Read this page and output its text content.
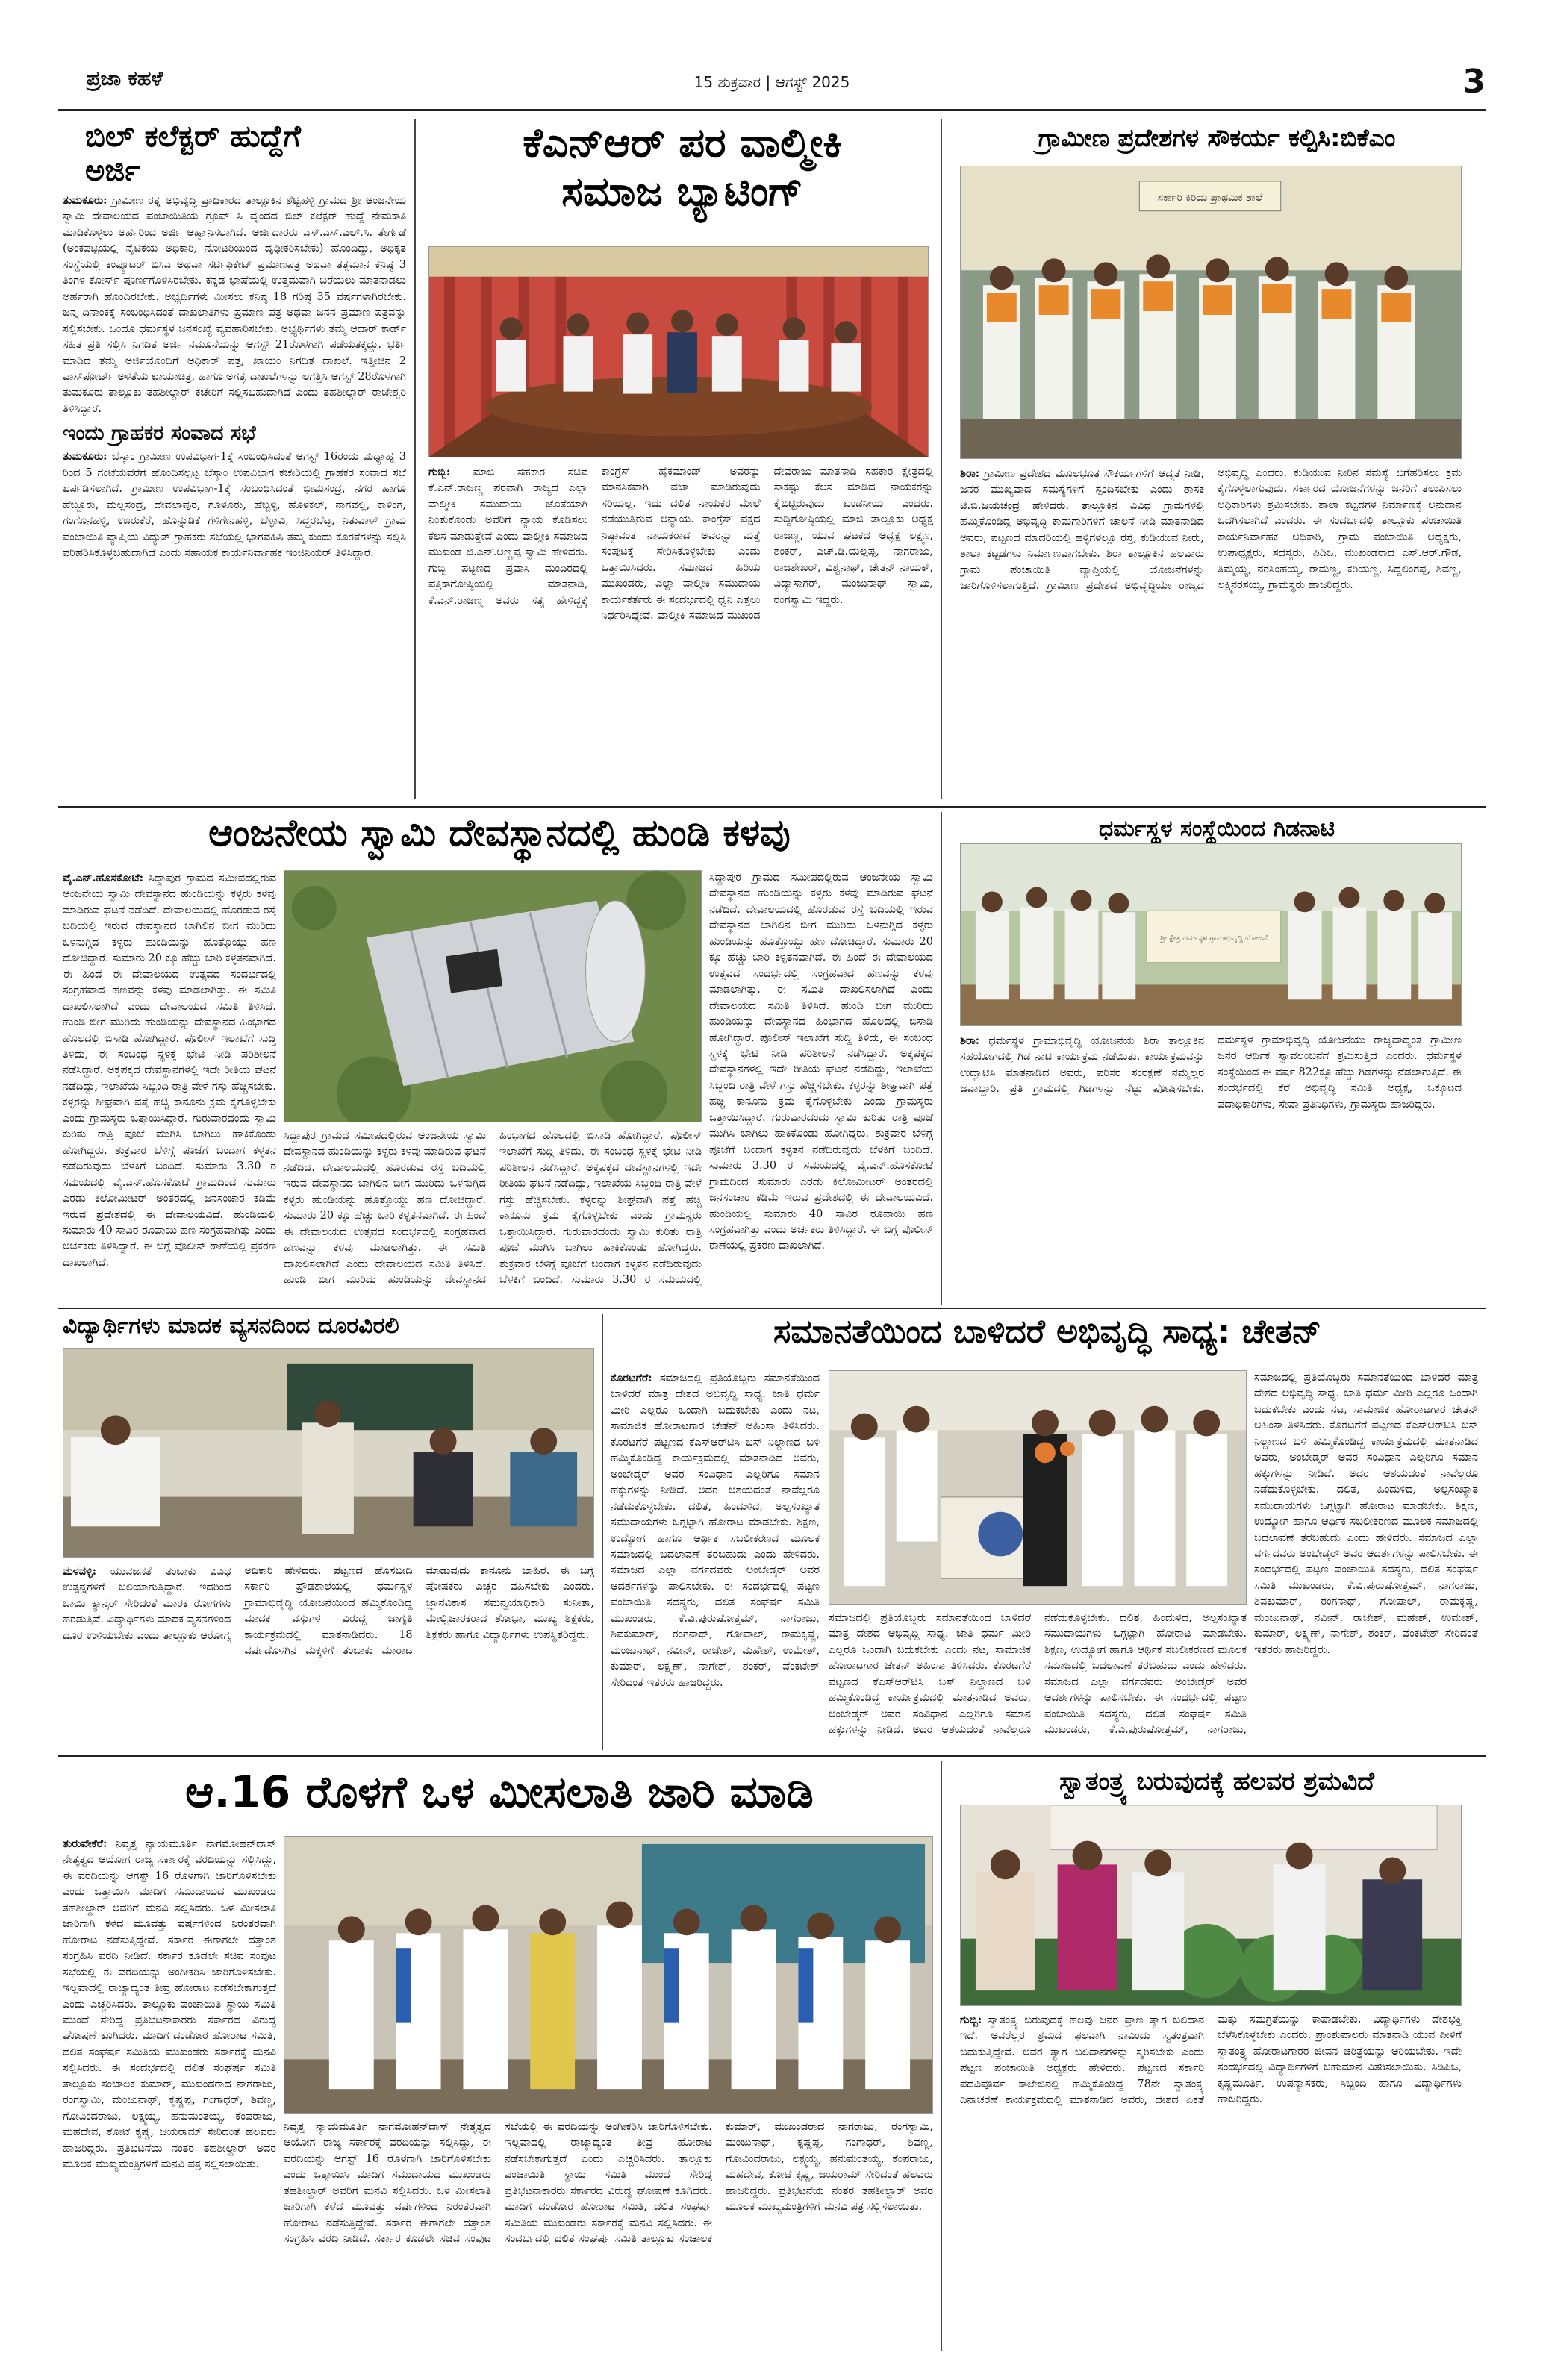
ಪ್ರಜಾ ಕಹಳೆ	15 ಶುಕ್ರವಾರ | ಆಗಸ್ಟ್ 2025	3
ಬಿಲ್ ಕಲೆಕ್ಟರ್ ಹುದ್ದೆಗೆ ಅರ್ಜಿ
ತುಮಕೂರು: ಗ್ರಾಮೀಣ ರತ್ನ ಅಭಿವೃದ್ಧಿ ಪ್ರಾಧಿಕಾರದ ತಾಲ್ಲೂಕಿನ ಶೆಟ್ಟಿಹಳ್ಳಿ ಗ್ರಾಮದ ಶ್ರೀ ಆಂಜನೇಯ ಸ್ವಾಮಿ ದೇವಾಲಯದ ಪಂಚಾಯಿತಿಯ ಗ್ರೂಪ್ ಸಿ ವೃಂದದ ಬಿಲ್ ಕಲೆಕ್ಟರ್ ಹುದ್ದೆ ನೇಮಕಾತಿ ಮಾಡಿಕೊಳ್ಳಲು ಅರ್ಹರಿಂದ ಅರ್ಜಿ ಆಹ್ವಾನಿಸಲಾಗಿದೆ. ಅರ್ಜಿದಾರರು ಎಸ್.ಎಸ್.ಎಲ್.ಸಿ. ತೇರ್ಗಡೆ (ಅಂಕಪಟ್ಟಿಯಲ್ಲಿ ನೈಟಿಕೆಯ ಅಧಿಕಾರಿ, ನೋಟರಿಯಿಂದ ದೃಢೀಕರಿಸಬೇಕು) ಹೊಂದಿದ್ದು, ಅಧಿಕೃತ ಸಂಸ್ಥೆಯಲ್ಲಿ ಕಂಪ್ಯೂಟರ್ ಬಿಸಿಎ ಅಥವಾ ಸರ್ಟಿಫಿಕೇಟ್ ಪ್ರಮಾಣಪತ್ರ ಅಥವಾ ತತ್ಸಮಾನ ಕನಿಷ್ಠ 3 ತಿಂಗಳ ಕೋರ್ಸ್ ಪೂರ್ಣಗೊಳಿಸಿರಬೇಕು. ಕನ್ನಡ ಭಾಷೆಯಲ್ಲಿ ಉತ್ತಮವಾಗಿ ಬರೆಯಲು ಮಾತನಾಡಲು ಅರ್ಹರಾಗಿ ಹೊಂದಿರಬೇಕು. ಅಭ್ಯರ್ಥಿಗಳು ಮೀಸಲು ಕನಿಷ್ಠ 18 ಗರಿಷ್ಠ 35 ವರ್ಷಗಳಾಗಿರಬೇಕು. ಜನ್ಮ ದಿನಾಂಕಕ್ಕೆ ಸಂಬಂಧಿಸಿದಂತೆ ದಾಖಲಾತಿಗಳು ಪ್ರಮಾಣ ಪತ್ರ ಅಥವಾ ಜನನ ಪ್ರಮಾಣ ಪತ್ರವನ್ನು ಸಲ್ಲಿಸಬೇಕು. ಒಂದೂ ಧರ್ಮಸ್ಥಳ ಜನಸಂಖ್ಯೆ ವ್ಯವಹಾರಿಸಬೇಕು. ಅಭ್ಯರ್ಥಿಗಳು ತಮ್ಮ ಆಧಾರ್ ಕಾರ್ಡ್ ಸಹಿತ ಪ್ರತಿ ಸಲ್ಲಿಸಿ ನಿಗದಿತ ಅರ್ಜಿ ನಮೂನೆಯನ್ನು ಆಗಸ್ಟ್ 21ರೊಳಗಾಗಿ ಪಡೆಯತಕ್ಕದ್ದು. ಭರ್ತಿ ಮಾಡಿದ ತಮ್ಮ ಅರ್ಜಿಯೊಂದಿಗೆ ಅಧಿಕಾರ್ ಪತ್ರ, ಖಾಯಂ ನಿಗದಿತ ದಾಖಲೆ. ಇತ್ತೀಚಿನ 2 ಪಾಸ್‌ಪೋರ್ಟ್ ಅಳತೆಯ ಛಾಯಾಚಿತ್ರ, ಹಾಗೂ ಅಗತ್ಯ ದಾಖಲೆಗಳನ್ನು ಲಗತ್ತಿಸಿ ಆಗಸ್ಟ್ 28ರೊಳಗಾಗಿ ತುಮಕೂರು ತಾಲ್ಲೂಕು ತಹಶೀಲ್ದಾರ್ ಕಚೇರಿಗೆ ಸಲ್ಲಿಸಬಹುದಾಗಿದೆ ಎಂದು ತಹಶೀಲ್ದಾರ್ ರಾಜೇಶ್ವರಿ ತಿಳಿಸಿದ್ದಾರೆ.
ಇಂದು ಗ್ರಾಹಕರ ಸಂವಾದ ಸಭೆ
ತುಮಕೂರು: ಬೆಸ್ಕಾಂ ಗ್ರಾಮೀಣ ಉಪವಿಭಾಗ-1ಕ್ಕೆ ಸಂಬಂಧಿಸಿದಂತೆ ಆಗಸ್ಟ್ 16ರಂದು ಮಧ್ಯಾಹ್ನ 3 ರಿಂದ 5 ಗಂಟೆಯವರೆಗೆ ಹೊಂದಿಸಲ್ಪಟ್ಟ ಬೆಸ್ಕಾಂ ಉಪವಿಭಾಗ ಕಚೇರಿಯಲ್ಲಿ ಗ್ರಾಹಕರ ಸಂವಾದ ಸಭೆ ಏರ್ಪಡಿಸಲಾಗಿದೆ. ಗ್ರಾಮೀಣ ಉಪವಿಭಾಗ-1ಕ್ಕೆ ಸಂಬಂಧಿಸಿದಂತೆ ಭೀಮಸಂದ್ರ, ನಗರ ಹಾಗೂ ಹೆಬ್ಬೂರು, ಮಲ್ಲಸಂದ್ರ, ದೇವಲಾಪುರ, ಗೂಳೂರು, ಹೆಬ್ಬಳ್ಳಿ, ಹೊಳಕಲ್, ನಾಗವಲ್ಲಿ, ಕಾಳಿಂಗ, ಗಂಗೊನಹಳ್ಳಿ, ಊರುಕೆರೆ, ಹೊನ್ನುಡಿಕೆ ಗಳಿಗೇನಹಳ್ಳಿ, ಬೆಳ್ಳಾವಿ, ಸಿದ್ದರಬೆಟ್ಟ, ನಿತುವಾಳ್ ಗ್ರಾಮ ಪಂಚಾಯಿತಿ ವ್ಯಾಪ್ತಿಯ ವಿದ್ಯುತ್ ಗ್ರಾಹಕರು ಸಭೆಯಲ್ಲಿ ಭಾಗವಹಿಸಿ ತಮ್ಮ ಕುಂದು ಕೊರತೆಗಳನ್ನು ಸಲ್ಲಿಸಿ ಪರಿಹರಿಸಿಕೊಳ್ಳಬಹುದಾಗಿದೆ ಎಂದು ಸಹಾಯಕ ಕಾರ್ಯನಿರ್ವಾಹಕ ಇಂಜಿನಿಯರ್ ತಿಳಿಸಿದ್ದಾರೆ.
ಕೆಎನ್ಆರ್ ಪರ ವಾಲ್ಮೀಕಿ ಸಮಾಜ ಬ್ಯಾಟಿಂಗ್
ಗುಬ್ಬಿ: ಮಾಜಿ ಸಹಕಾರ ಸಚಿವ ಕೆ.ಎನ್.ರಾಜಣ್ಣ ಪರವಾಗಿ ರಾಜ್ಯದ ಎಲ್ಲಾ ವಾಲ್ಮೀಕಿ ಸಮುದಾಯ ಜೊತೆಯಾಗಿ ನಿಂತುಕೊಂಡು ಅವರಿಗೆ ನ್ಯಾಯ ಕೊಡಿಸಲು ಕೆಲಸ ಮಾಡುತ್ತೇವೆ ಎಂದು ವಾಲ್ಮೀಕಿ ಸಮಾಜದ ಮುಖಂಡ ಜಿ.ಎನ್.ಅಣ್ಣಪ್ಪ ಸ್ವಾಮಿ ಹೇಳಿದರು. ಗುಬ್ಬಿ ಪಟ್ಟಣದ ಪ್ರವಾಸಿ ಮಂದಿರದಲ್ಲಿ ಪತ್ರಿಕಾಗೋಷ್ಠಿಯಲ್ಲಿ ಮಾತನಾಡಿ, ಕೆ.ಎನ್.ರಾಜಣ್ಣ ಅವರು ಸತ್ಯ ಹೇಳಿದ್ದಕ್ಕೆ ಕಾಂಗ್ರೆಸ್ ಹೈಕಮಾಂಡ್ ಅವರನ್ನು ಮಾನಸಿಕವಾಗಿ ವಜಾ ಮಾಡಿರುವುದು ಸರಿಯಲ್ಲ. ಇದು ದಲಿತ ನಾಯಕರ ಮೇಲೆ ನಡೆಯುತ್ತಿರುವ ಅನ್ಯಾಯ. ಕಾಂಗ್ರೆಸ್ ಪಕ್ಷದ ನಿಷ್ಠಾವಂತ ನಾಯಕರಾದ ಅವರನ್ನು ಮತ್ತೆ ಸಂಪುಟಕ್ಕೆ ಸೇರಿಸಿಕೊಳ್ಳಬೇಕು ಎಂದು ಒತ್ತಾಯಿಸಿದರು. ಸಮಾಜದ ಹಿರಿಯ ಮುಖಂಡರು, ಎಲ್ಲಾ ವಾಲ್ಮೀಕಿ ಸಮುದಾಯ ಕಾರ್ಯಕರ್ತರು ಈ ಸಂದರ್ಭದಲ್ಲಿ ಧ್ವನಿ ಎತ್ತಲು ನಿರ್ಧರಿಸಿದ್ದೇವೆ. ವಾಲ್ಮೀಕಿ ಸಮಾಜದ ಮುಖಂಡ ದೇವರಾಜು ಮಾತನಾಡಿ ಸಹಕಾರ ಕ್ಷೇತ್ರದಲ್ಲಿ ಸಾಕಷ್ಟು ಕೆಲಸ ಮಾಡಿದ ನಾಯಕರನ್ನು ಕೈಬಿಟ್ಟಿರುವುದು ಖಂಡನೀಯ ಎಂದರು. ಸುದ್ದಿಗೋಷ್ಠಿಯಲ್ಲಿ ಮಾಜಿ ತಾಲ್ಲೂಕು ಅಧ್ಯಕ್ಷ ರಾಜಣ್ಣ, ಯುವ ಘಟಕದ ಅಧ್ಯಕ್ಷ ಲಕ್ಷ್ಮಣ, ಶಂಕರ್, ಎಚ್.ಡಿ.ಯಲ್ಲಪ್ಪ, ನಾಗರಾಜು, ರಾಜಶೇಖರ್, ವಿಶ್ವನಾಥ್, ಚೇತನ್ ನಾಯಕ್, ವಿದ್ಯಾಸಾಗರ್, ಮಂಜುನಾಥ್ ಸ್ವಾಮಿ, ರಂಗಸ್ವಾಮಿ ಇದ್ದರು.
ಗ್ರಾಮೀಣ ಪ್ರದೇಶಗಳ ಸೌಕರ್ಯ ಕಲ್ಪಿಸಿ:ಬಿಕೆಎಂ
ಸರ್ಕಾರಿ ಕಿರಿಯ ಪ್ರಾಥಮಿಕ ಶಾಲೆ
ಶಿರಾ: ಗ್ರಾಮೀಣ ಪ್ರದೇಶದ ಮೂಲಭೂತ ಸೌಕರ್ಯಗಳಿಗೆ ಆದ್ಯತೆ ನೀಡಿ, ಜನರ ಮುಖ್ಯವಾದ ಸಮಸ್ಯೆಗಳಿಗೆ ಸ್ಪಂದಿಸಬೇಕು ಎಂದು ಶಾಸಕ ಟಿ.ಬಿ.ಜಯಚಂದ್ರ ಹೇಳಿದರು. ತಾಲ್ಲೂಕಿನ ವಿವಿಧ ಗ್ರಾಮಗಳಲ್ಲಿ ಹಮ್ಮಿಕೊಂಡಿದ್ದ ಅಭಿವೃದ್ಧಿ ಕಾಮಗಾರಿಗಳಿಗೆ ಚಾಲನೆ ನೀಡಿ ಮಾತನಾಡಿದ ಅವರು, ಪಟ್ಟಣದ ಮಾದರಿಯಲ್ಲಿ ಹಳ್ಳಿಗಳಲ್ಲೂ ರಸ್ತೆ, ಕುಡಿಯುವ ನೀರು, ಶಾಲಾ ಕಟ್ಟಡಗಳು ನಿರ್ಮಾಣವಾಗಬೇಕು. ಶಿರಾ ತಾಲ್ಲೂಕಿನ ಹಲವಾರು ಗ್ರಾಮ ಪಂಚಾಯಿತಿ ವ್ಯಾಪ್ತಿಯಲ್ಲಿ ಯೋಜನೆಗಳನ್ನು ಜಾರಿಗೊಳಿಸಲಾಗುತ್ತಿದೆ. ಗ್ರಾಮೀಣ ಪ್ರದೇಶದ ಅಭಿವೃದ್ಧಿಯೇ ರಾಜ್ಯದ ಅಭಿವೃದ್ಧಿ ಎಂದರು. ಕುಡಿಯುವ ನೀರಿನ ಸಮಸ್ಯೆ ಬಗೆಹರಿಸಲು ಕ್ರಮ ಕೈಗೊಳ್ಳಲಾಗುವುದು. ಸರ್ಕಾರದ ಯೋಜನೆಗಳನ್ನು ಜನರಿಗೆ ತಲುಪಿಸಲು ಅಧಿಕಾರಿಗಳು ಶ್ರಮಿಸಬೇಕು. ಶಾಲಾ ಕಟ್ಟಡಗಳ ನಿರ್ಮಾಣಕ್ಕೆ ಅನುದಾನ ಒದಗಿಸಲಾಗಿದೆ ಎಂದರು. ಈ ಸಂದರ್ಭದಲ್ಲಿ ತಾಲ್ಲೂಕು ಪಂಚಾಯಿತಿ ಕಾರ್ಯನಿರ್ವಾಹಕ ಅಧಿಕಾರಿ, ಗ್ರಾಮ ಪಂಚಾಯಿತಿ ಅಧ್ಯಕ್ಷರು, ಉಪಾಧ್ಯಕ್ಷರು, ಸದಸ್ಯರು, ಪಿಡಿಒ, ಮುಖಂಡರಾದ ಎಸ್.ಆರ್.ಗೌಡ, ತಿಮ್ಮಯ್ಯ, ನರಸಿಂಹಯ್ಯ, ರಾಮಣ್ಣ, ಕರಿಯಣ್ಣ, ಸಿದ್ದಲಿಂಗಪ್ಪ, ಶಿವಣ್ಣ, ಲಕ್ಷ್ಮಿನರಸಯ್ಯ, ಗ್ರಾಮಸ್ಥರು ಹಾಜರಿದ್ದರು.
ಆಂಜನೇಯ ಸ್ವಾಮಿ ದೇವಸ್ಥಾನದಲ್ಲಿ ಹುಂಡಿ ಕಳವು
ವೈ.ಎನ್.ಹೊಸಕೋಟೆ: ಸಿದ್ದಾಪುರ ಗ್ರಾಮದ ಸಮೀಪದಲ್ಲಿರುವ ಆಂಜನೇಯ ಸ್ವಾಮಿ ದೇವಸ್ಥಾನದ ಹುಂಡಿಯನ್ನು ಕಳ್ಳರು ಕಳವು ಮಾಡಿರುವ ಘಟನೆ ನಡೆದಿದೆ. ದೇವಾಲಯದಲ್ಲಿ ಹೊರಡುವ ರಸ್ತೆ ಬದಿಯಲ್ಲಿ ಇರುವ ದೇವಸ್ಥಾನದ ಬಾಗಿಲಿನ ಬೀಗ ಮುರಿದು ಒಳನುಗ್ಗಿದ ಕಳ್ಳರು ಹುಂಡಿಯನ್ನು ಹೊತ್ತೊಯ್ದು ಹಣ ದೋಚಿದ್ದಾರೆ. ಸುಮಾರು 20 ಕ್ಕೂ ಹೆಚ್ಚು ಬಾರಿ ಕಳ್ಳತನವಾಗಿದೆ. ಈ ಹಿಂದೆ ಈ ದೇವಾಲಯದ ಉತ್ಸವದ ಸಂದರ್ಭದಲ್ಲಿ ಸಂಗ್ರಹವಾದ ಹಣವನ್ನು ಕಳವು ಮಾಡಲಾಗಿತ್ತು. ಈ ಸಮಿತಿ ದಾಖಲಿಸಲಾಗಿದೆ ಎಂದು ದೇವಾಲಯದ ಸಮಿತಿ ತಿಳಿಸಿದೆ. ಹುಂಡಿ ಬೀಗ ಮುರಿದು ಹುಂಡಿಯನ್ನು ದೇವಸ್ಥಾನದ ಹಿಂಭಾಗದ ಹೊಲದಲ್ಲಿ ಬಿಸಾಡಿ ಹೋಗಿದ್ದಾರೆ. ಪೊಲೀಸ್ ಇಲಾಖೆಗೆ ಸುದ್ದಿ ತಿಳಿದು, ಈ ಸಂಬಂಧ ಸ್ಥಳಕ್ಕೆ ಭೇಟಿ ನೀಡಿ ಪರಿಶೀಲನೆ ನಡೆಸಿದ್ದಾರೆ. ಅಕ್ಕಪಕ್ಕದ ದೇವಸ್ಥಾನಗಳಲ್ಲಿ ಇದೇ ರೀತಿಯ ಘಟನೆ ನಡೆದಿದ್ದು, ಇಲಾಖೆಯ ಸಿಬ್ಬಂದಿ ರಾತ್ರಿ ವೇಳೆ ಗಸ್ತು ಹೆಚ್ಚಿಸಬೇಕು. ಕಳ್ಳರನ್ನು ಶೀಘ್ರವಾಗಿ ಪತ್ತೆ ಹಚ್ಚಿ ಕಾನೂನು ಕ್ರಮ ಕೈಗೊಳ್ಳಬೇಕು ಎಂದು ಗ್ರಾಮಸ್ಥರು ಒತ್ತಾಯಿಸಿದ್ದಾರೆ. ಗುರುವಾರದಂದು ಸ್ವಾಮಿ ಕುರಿತು ರಾತ್ರಿ ಪೂಜೆ ಮುಗಿಸಿ ಬಾಗಿಲು ಹಾಕಿಕೊಂಡು ಹೋಗಿದ್ದರು. ಶುಕ್ರವಾರ ಬೆಳಿಗ್ಗೆ ಪೂಜೆಗೆ ಬಂದಾಗ ಕಳ್ಳತನ ನಡೆದಿರುವುದು ಬೆಳಕಿಗೆ ಬಂದಿದೆ. ಸುಮಾರು 3.30 ರ ಸಮಯದಲ್ಲಿ ವೈ.ಎನ್.ಹೊಸಕೋಟೆ ಗ್ರಾಮದಿಂದ ಸುಮಾರು ಎರಡು ಕಿಲೋಮೀಟರ್ ಅಂತರದಲ್ಲಿ ಜನಸಂಚಾರ ಕಡಿಮೆ ಇರುವ ಪ್ರದೇಶದಲ್ಲಿ ಈ ದೇವಾಲಯವಿದೆ. ಹುಂಡಿಯಲ್ಲಿ ಸುಮಾರು 40 ಸಾವಿರ ರೂಪಾಯಿ ಹಣ ಸಂಗ್ರಹವಾಗಿತ್ತು ಎಂದು ಅರ್ಚಕರು ತಿಳಿಸಿದ್ದಾರೆ. ಈ ಬಗ್ಗೆ ಪೊಲೀಸ್ ಠಾಣೆಯಲ್ಲಿ ಪ್ರಕರಣ ದಾಖಲಾಗಿದೆ.
ಸಿದ್ದಾಪುರ ಗ್ರಾಮದ ಸಮೀಪದಲ್ಲಿರುವ ಆಂಜನೇಯ ಸ್ವಾಮಿ ದೇವಸ್ಥಾನದ ಹುಂಡಿಯನ್ನು ಕಳ್ಳರು ಕಳವು ಮಾಡಿರುವ ಘಟನೆ ನಡೆದಿದೆ. ದೇವಾಲಯದಲ್ಲಿ ಹೊರಡುವ ರಸ್ತೆ ಬದಿಯಲ್ಲಿ ಇರುವ ದೇವಸ್ಥಾನದ ಬಾಗಿಲಿನ ಬೀಗ ಮುರಿದು ಒಳನುಗ್ಗಿದ ಕಳ್ಳರು ಹುಂಡಿಯನ್ನು ಹೊತ್ತೊಯ್ದು ಹಣ ದೋಚಿದ್ದಾರೆ. ಸುಮಾರು 20 ಕ್ಕೂ ಹೆಚ್ಚು ಬಾರಿ ಕಳ್ಳತನವಾಗಿದೆ. ಈ ಹಿಂದೆ ಈ ದೇವಾಲಯದ ಉತ್ಸವದ ಸಂದರ್ಭದಲ್ಲಿ ಸಂಗ್ರಹವಾದ ಹಣವನ್ನು ಕಳವು ಮಾಡಲಾಗಿತ್ತು. ಈ ಸಮಿತಿ ದಾಖಲಿಸಲಾಗಿದೆ ಎಂದು ದೇವಾಲಯದ ಸಮಿತಿ ತಿಳಿಸಿದೆ. ಹುಂಡಿ ಬೀಗ ಮುರಿದು ಹುಂಡಿಯನ್ನು ದೇವಸ್ಥಾನದ ಹಿಂಭಾಗದ ಹೊಲದಲ್ಲಿ ಬಿಸಾಡಿ ಹೋಗಿದ್ದಾರೆ. ಪೊಲೀಸ್ ಇಲಾಖೆಗೆ ಸುದ್ದಿ ತಿಳಿದು, ಈ ಸಂಬಂಧ ಸ್ಥಳಕ್ಕೆ ಭೇಟಿ ನೀಡಿ ಪರಿಶೀಲನೆ ನಡೆಸಿದ್ದಾರೆ. ಅಕ್ಕಪಕ್ಕದ ದೇವಸ್ಥಾನಗಳಲ್ಲಿ ಇದೇ ರೀತಿಯ ಘಟನೆ ನಡೆದಿದ್ದು, ಇಲಾಖೆಯ ಸಿಬ್ಬಂದಿ ರಾತ್ರಿ ವೇಳೆ ಗಸ್ತು ಹೆಚ್ಚಿಸಬೇಕು. ಕಳ್ಳರನ್ನು ಶೀಘ್ರವಾಗಿ ಪತ್ತೆ ಹಚ್ಚಿ ಕಾನೂನು ಕ್ರಮ ಕೈಗೊಳ್ಳಬೇಕು ಎಂದು ಗ್ರಾಮಸ್ಥರು ಒತ್ತಾಯಿಸಿದ್ದಾರೆ. ಗುರುವಾರದಂದು ಸ್ವಾಮಿ ಕುರಿತು ರಾತ್ರಿ ಪೂಜೆ ಮುಗಿಸಿ ಬಾಗಿಲು ಹಾಕಿಕೊಂಡು ಹೋಗಿದ್ದರು. ಶುಕ್ರವಾರ ಬೆಳಿಗ್ಗೆ ಪೂಜೆಗೆ ಬಂದಾಗ ಕಳ್ಳತನ ನಡೆದಿರುವುದು ಬೆಳಕಿಗೆ ಬಂದಿದೆ. ಸುಮಾರು 3.30 ರ ಸಮಯದಲ್ಲಿ
ಸಿದ್ದಾಪುರ ಗ್ರಾಮದ ಸಮೀಪದಲ್ಲಿರುವ ಆಂಜನೇಯ ಸ್ವಾಮಿ ದೇವಸ್ಥಾನದ ಹುಂಡಿಯನ್ನು ಕಳ್ಳರು ಕಳವು ಮಾಡಿರುವ ಘಟನೆ ನಡೆದಿದೆ. ದೇವಾಲಯದಲ್ಲಿ ಹೊರಡುವ ರಸ್ತೆ ಬದಿಯಲ್ಲಿ ಇರುವ ದೇವಸ್ಥಾನದ ಬಾಗಿಲಿನ ಬೀಗ ಮುರಿದು ಒಳನುಗ್ಗಿದ ಕಳ್ಳರು ಹುಂಡಿಯನ್ನು ಹೊತ್ತೊಯ್ದು ಹಣ ದೋಚಿದ್ದಾರೆ. ಸುಮಾರು 20 ಕ್ಕೂ ಹೆಚ್ಚು ಬಾರಿ ಕಳ್ಳತನವಾಗಿದೆ. ಈ ಹಿಂದೆ ಈ ದೇವಾಲಯದ ಉತ್ಸವದ ಸಂದರ್ಭದಲ್ಲಿ ಸಂಗ್ರಹವಾದ ಹಣವನ್ನು ಕಳವು ಮಾಡಲಾಗಿತ್ತು. ಈ ಸಮಿತಿ ದಾಖಲಿಸಲಾಗಿದೆ ಎಂದು ದೇವಾಲಯದ ಸಮಿತಿ ತಿಳಿಸಿದೆ. ಹುಂಡಿ ಬೀಗ ಮುರಿದು ಹುಂಡಿಯನ್ನು ದೇವಸ್ಥಾನದ ಹಿಂಭಾಗದ ಹೊಲದಲ್ಲಿ ಬಿಸಾಡಿ ಹೋಗಿದ್ದಾರೆ. ಪೊಲೀಸ್ ಇಲಾಖೆಗೆ ಸುದ್ದಿ ತಿಳಿದು, ಈ ಸಂಬಂಧ ಸ್ಥಳಕ್ಕೆ ಭೇಟಿ ನೀಡಿ ಪರಿಶೀಲನೆ ನಡೆಸಿದ್ದಾರೆ. ಅಕ್ಕಪಕ್ಕದ ದೇವಸ್ಥಾನಗಳಲ್ಲಿ ಇದೇ ರೀತಿಯ ಘಟನೆ ನಡೆದಿದ್ದು, ಇಲಾಖೆಯ ಸಿಬ್ಬಂದಿ ರಾತ್ರಿ ವೇಳೆ ಗಸ್ತು ಹೆಚ್ಚಿಸಬೇಕು. ಕಳ್ಳರನ್ನು ಶೀಘ್ರವಾಗಿ ಪತ್ತೆ ಹಚ್ಚಿ ಕಾನೂನು ಕ್ರಮ ಕೈಗೊಳ್ಳಬೇಕು ಎಂದು ಗ್ರಾಮಸ್ಥರು ಒತ್ತಾಯಿಸಿದ್ದಾರೆ. ಗುರುವಾರದಂದು ಸ್ವಾಮಿ ಕುರಿತು ರಾತ್ರಿ ಪೂಜೆ ಮುಗಿಸಿ ಬಾಗಿಲು ಹಾಕಿಕೊಂಡು ಹೋಗಿದ್ದರು. ಶುಕ್ರವಾರ ಬೆಳಿಗ್ಗೆ ಪೂಜೆಗೆ ಬಂದಾಗ ಕಳ್ಳತನ ನಡೆದಿರುವುದು ಬೆಳಕಿಗೆ ಬಂದಿದೆ. ಸುಮಾರು 3.30 ರ ಸಮಯದಲ್ಲಿ ವೈ.ಎನ್.ಹೊಸಕೋಟೆ ಗ್ರಾಮದಿಂದ ಸುಮಾರು ಎರಡು ಕಿಲೋಮೀಟರ್ ಅಂತರದಲ್ಲಿ ಜನಸಂಚಾರ ಕಡಿಮೆ ಇರುವ ಪ್ರದೇಶದಲ್ಲಿ ಈ ದೇವಾಲಯವಿದೆ. ಹುಂಡಿಯಲ್ಲಿ ಸುಮಾರು 40 ಸಾವಿರ ರೂಪಾಯಿ ಹಣ ಸಂಗ್ರಹವಾಗಿತ್ತು ಎಂದು ಅರ್ಚಕರು ತಿಳಿಸಿದ್ದಾರೆ. ಈ ಬಗ್ಗೆ ಪೊಲೀಸ್ ಠಾಣೆಯಲ್ಲಿ ಪ್ರಕರಣ ದಾಖಲಾಗಿದೆ.
ಧರ್ಮಸ್ಥಳ ಸಂಸ್ಥೆಯಿಂದ ಗಿಡನಾಟಿ
ಶ್ರೀ ಕ್ಷೇತ್ರ ಧರ್ಮಸ್ಥಳ ಗ್ರಾಮಾಭಿವೃದ್ಧಿ ಯೋಜನೆ
ಶಿರಾ: ಧರ್ಮಸ್ಥಳ ಗ್ರಾಮಾಭಿವೃದ್ಧಿ ಯೋಜನೆಯ ಶಿರಾ ತಾಲ್ಲೂಕಿನ ಸಹಯೋಗದಲ್ಲಿ ಗಿಡ ನಾಟಿ ಕಾರ್ಯಕ್ರಮ ನಡೆಯಿತು. ಕಾರ್ಯಕ್ರಮವನ್ನು ಉದ್ಘಾಟಿಸಿ ಮಾತನಾಡಿದ ಅವರು, ಪರಿಸರ ಸಂರಕ್ಷಣೆ ನಮ್ಮೆಲ್ಲರ ಜವಾಬ್ದಾರಿ. ಪ್ರತಿ ಗ್ರಾಮದಲ್ಲಿ ಗಿಡಗಳನ್ನು ನೆಟ್ಟು ಪೋಷಿಸಬೇಕು. ಧರ್ಮಸ್ಥಳ ಗ್ರಾಮಾಭಿವೃದ್ಧಿ ಯೋಜನೆಯು ರಾಜ್ಯದಾದ್ಯಂತ ಗ್ರಾಮೀಣ ಜನರ ಆರ್ಥಿಕ ಸ್ವಾವಲಂಬನೆಗೆ ಶ್ರಮಿಸುತ್ತಿದೆ ಎಂದರು. ಧರ್ಮಸ್ಥಳ ಸಂಸ್ಥೆಯಿಂದ ಈ ವರ್ಷ 822ಕ್ಕೂ ಹೆಚ್ಚು ಗಿಡಗಳನ್ನು ನೆಡಲಾಗುತ್ತಿದೆ. ಈ ಸಂದರ್ಭದಲ್ಲಿ ಕೆರೆ ಅಭಿವೃದ್ಧಿ ಸಮಿತಿ ಅಧ್ಯಕ್ಷ, ಒಕ್ಕೂಟದ ಪದಾಧಿಕಾರಿಗಳು, ಸೇವಾ ಪ್ರತಿನಿಧಿಗಳು, ಗ್ರಾಮಸ್ಥರು ಹಾಜರಿದ್ದರು.
ವಿದ್ಯಾರ್ಥಿಗಳು ಮಾದಕ ವ್ಯಸನದಿಂದ ದೂರವಿರಲಿ
ಮಳವಳ್ಳಿ: ಯುವಜನತೆ ತಂಬಾಕು ವಿವಿಧ ಉತ್ಪನ್ನಗಳಿಗೆ ಬಲಿಯಾಗುತ್ತಿದ್ದಾರೆ. ಇದರಿಂದ ಬಾಯಿ ಕ್ಯಾನ್ಸರ್ ಸೇರಿದಂತೆ ಮಾರಕ ರೋಗಗಳು ಹರಡುತ್ತಿವೆ. ವಿದ್ಯಾರ್ಥಿಗಳು ಮಾದಕ ವ್ಯಸನಗಳಿಂದ ದೂರ ಉಳಿಯಬೇಕು ಎಂದು ತಾಲ್ಲೂಕು ಆರೋಗ್ಯ ಅಧಿಕಾರಿ ಹೇಳಿದರು. ಪಟ್ಟಣದ ಹೊಸಬೀದಿ ಸರ್ಕಾರಿ ಪ್ರೌಢಶಾಲೆಯಲ್ಲಿ ಧರ್ಮಸ್ಥಳ ಗ್ರಾಮಾಭಿವೃದ್ಧಿ ಯೋಜನೆಯಿಂದ ಹಮ್ಮಿಕೊಂಡಿದ್ದ ಮಾದಕ ವಸ್ತುಗಳ ವಿರುದ್ಧ ಜಾಗೃತಿ ಕಾರ್ಯಕ್ರಮದಲ್ಲಿ ಮಾತನಾಡಿದರು. 18 ವರ್ಷದೊಳಗಿನ ಮಕ್ಕಳಿಗೆ ತಂಬಾಕು ಮಾರಾಟ ಮಾಡುವುದು ಕಾನೂನು ಬಾಹಿರ. ಈ ಬಗ್ಗೆ ಪೋಷಕರು ಎಚ್ಚರ ವಹಿಸಬೇಕು ಎಂದರು. ಜ್ಞಾನವಿಕಾಸ ಸಮನ್ವಯಾಧಿಕಾರಿ ಸುನೀತಾ, ಮೇಲ್ವಿಚಾರಕರಾದ ಶೋಭಾ, ಮುಖ್ಯ ಶಿಕ್ಷಕರು, ಶಿಕ್ಷಕರು ಹಾಗೂ ವಿದ್ಯಾರ್ಥಿಗಳು ಉಪಸ್ಥಿತರಿದ್ದರು.
ಸಮಾನತೆಯಿಂದ ಬಾಳಿದರೆ ಅಭಿವೃದ್ಧಿ ಸಾಧ್ಯ: ಚೇತನ್
ಕೊರಟಗೆರೆ: ಸಮಾಜದಲ್ಲಿ ಪ್ರತಿಯೊಬ್ಬರು ಸಮಾನತೆಯಿಂದ ಬಾಳಿದರೆ ಮಾತ್ರ ದೇಶದ ಅಭಿವೃದ್ಧಿ ಸಾಧ್ಯ. ಜಾತಿ ಧರ್ಮ ಮೀರಿ ಎಲ್ಲರೂ ಒಂದಾಗಿ ಬದುಕಬೇಕು ಎಂದು ನಟ, ಸಾಮಾಜಿಕ ಹೋರಾಟಗಾರ ಚೇತನ್ ಅಹಿಂಸಾ ತಿಳಿಸಿದರು. ಕೊರಟಗೆರೆ ಪಟ್ಟಣದ ಕೆಎಸ್ಆರ್‌ಟಿಸಿ ಬಸ್ ನಿಲ್ದಾಣದ ಬಳಿ ಹಮ್ಮಿಕೊಂಡಿದ್ದ ಕಾರ್ಯಕ್ರಮದಲ್ಲಿ ಮಾತನಾಡಿದ ಅವರು, ಅಂಬೇಡ್ಕರ್ ಅವರ ಸಂವಿಧಾನ ಎಲ್ಲರಿಗೂ ಸಮಾನ ಹಕ್ಕುಗಳನ್ನು ನೀಡಿದೆ. ಅದರ ಆಶಯದಂತೆ ನಾವೆಲ್ಲರೂ ನಡೆದುಕೊಳ್ಳಬೇಕು. ದಲಿತ, ಹಿಂದುಳಿದ, ಅಲ್ಪಸಂಖ್ಯಾತ ಸಮುದಾಯಗಳು ಒಗ್ಗಟ್ಟಾಗಿ ಹೋರಾಟ ಮಾಡಬೇಕು. ಶಿಕ್ಷಣ, ಉದ್ಯೋಗ ಹಾಗೂ ಆರ್ಥಿಕ ಸಬಲೀಕರಣದ ಮೂಲಕ ಸಮಾಜದಲ್ಲಿ ಬದಲಾವಣೆ ತರಬಹುದು ಎಂದು ಹೇಳಿದರು. ಸಮಾಜದ ಎಲ್ಲಾ ವರ್ಗದವರು ಅಂಬೇಡ್ಕರ್ ಅವರ ಆದರ್ಶಗಳನ್ನು ಪಾಲಿಸಬೇಕು. ಈ ಸಂದರ್ಭದಲ್ಲಿ ಪಟ್ಟಣ ಪಂಚಾಯಿತಿ ಸದಸ್ಯರು, ದಲಿತ ಸಂಘರ್ಷ ಸಮಿತಿ ಮುಖಂಡರು, ಕೆ.ವಿ.ಪುರುಷೋತ್ತಮ್, ನಾಗರಾಜು, ಶಿವಕುಮಾರ್, ರಂಗನಾಥ್, ಗೋಪಾಲ್, ರಾಮಕೃಷ್ಣ, ಮಂಜುನಾಥ್, ನವೀನ್, ರಾಜೇಶ್, ಮಹೇಶ್, ಉಮೇಶ್, ಕುಮಾರ್, ಲಕ್ಷ್ಮಣ್, ನಾಗೇಶ್, ಶಂಕರ್, ವೆಂಕಟೇಶ್ ಸೇರಿದಂತೆ ಇತರರು ಹಾಜರಿದ್ದರು.
ಸಮಾಜದಲ್ಲಿ ಪ್ರತಿಯೊಬ್ಬರು ಸಮಾನತೆಯಿಂದ ಬಾಳಿದರೆ ಮಾತ್ರ ದೇಶದ ಅಭಿವೃದ್ಧಿ ಸಾಧ್ಯ. ಜಾತಿ ಧರ್ಮ ಮೀರಿ ಎಲ್ಲರೂ ಒಂದಾಗಿ ಬದುಕಬೇಕು ಎಂದು ನಟ, ಸಾಮಾಜಿಕ ಹೋರಾಟಗಾರ ಚೇತನ್ ಅಹಿಂಸಾ ತಿಳಿಸಿದರು. ಕೊರಟಗೆರೆ ಪಟ್ಟಣದ ಕೆಎಸ್ಆರ್‌ಟಿಸಿ ಬಸ್ ನಿಲ್ದಾಣದ ಬಳಿ ಹಮ್ಮಿಕೊಂಡಿದ್ದ ಕಾರ್ಯಕ್ರಮದಲ್ಲಿ ಮಾತನಾಡಿದ ಅವರು, ಅಂಬೇಡ್ಕರ್ ಅವರ ಸಂವಿಧಾನ ಎಲ್ಲರಿಗೂ ಸಮಾನ ಹಕ್ಕುಗಳನ್ನು ನೀಡಿದೆ. ಅದರ ಆಶಯದಂತೆ ನಾವೆಲ್ಲರೂ ನಡೆದುಕೊಳ್ಳಬೇಕು. ದಲಿತ, ಹಿಂದುಳಿದ, ಅಲ್ಪಸಂಖ್ಯಾತ ಸಮುದಾಯಗಳು ಒಗ್ಗಟ್ಟಾಗಿ ಹೋರಾಟ ಮಾಡಬೇಕು. ಶಿಕ್ಷಣ, ಉದ್ಯೋಗ ಹಾಗೂ ಆರ್ಥಿಕ ಸಬಲೀಕರಣದ ಮೂಲಕ ಸಮಾಜದಲ್ಲಿ ಬದಲಾವಣೆ ತರಬಹುದು ಎಂದು ಹೇಳಿದರು. ಸಮಾಜದ ಎಲ್ಲಾ ವರ್ಗದವರು ಅಂಬೇಡ್ಕರ್ ಅವರ ಆದರ್ಶಗಳನ್ನು ಪಾಲಿಸಬೇಕು. ಈ ಸಂದರ್ಭದಲ್ಲಿ ಪಟ್ಟಣ ಪಂಚಾಯಿತಿ ಸದಸ್ಯರು, ದಲಿತ ಸಂಘರ್ಷ ಸಮಿತಿ ಮುಖಂಡರು, ಕೆ.ವಿ.ಪುರುಷೋತ್ತಮ್, ನಾಗರಾಜು,
ಸಮಾಜದಲ್ಲಿ ಪ್ರತಿಯೊಬ್ಬರು ಸಮಾನತೆಯಿಂದ ಬಾಳಿದರೆ ಮಾತ್ರ ದೇಶದ ಅಭಿವೃದ್ಧಿ ಸಾಧ್ಯ. ಜಾತಿ ಧರ್ಮ ಮೀರಿ ಎಲ್ಲರೂ ಒಂದಾಗಿ ಬದುಕಬೇಕು ಎಂದು ನಟ, ಸಾಮಾಜಿಕ ಹೋರಾಟಗಾರ ಚೇತನ್ ಅಹಿಂಸಾ ತಿಳಿಸಿದರು. ಕೊರಟಗೆರೆ ಪಟ್ಟಣದ ಕೆಎಸ್ಆರ್‌ಟಿಸಿ ಬಸ್ ನಿಲ್ದಾಣದ ಬಳಿ ಹಮ್ಮಿಕೊಂಡಿದ್ದ ಕಾರ್ಯಕ್ರಮದಲ್ಲಿ ಮಾತನಾಡಿದ ಅವರು, ಅಂಬೇಡ್ಕರ್ ಅವರ ಸಂವಿಧಾನ ಎಲ್ಲರಿಗೂ ಸಮಾನ ಹಕ್ಕುಗಳನ್ನು ನೀಡಿದೆ. ಅದರ ಆಶಯದಂತೆ ನಾವೆಲ್ಲರೂ ನಡೆದುಕೊಳ್ಳಬೇಕು. ದಲಿತ, ಹಿಂದುಳಿದ, ಅಲ್ಪಸಂಖ್ಯಾತ ಸಮುದಾಯಗಳು ಒಗ್ಗಟ್ಟಾಗಿ ಹೋರಾಟ ಮಾಡಬೇಕು. ಶಿಕ್ಷಣ, ಉದ್ಯೋಗ ಹಾಗೂ ಆರ್ಥಿಕ ಸಬಲೀಕರಣದ ಮೂಲಕ ಸಮಾಜದಲ್ಲಿ ಬದಲಾವಣೆ ತರಬಹುದು ಎಂದು ಹೇಳಿದರು. ಸಮಾಜದ ಎಲ್ಲಾ ವರ್ಗದವರು ಅಂಬೇಡ್ಕರ್ ಅವರ ಆದರ್ಶಗಳನ್ನು ಪಾಲಿಸಬೇಕು. ಈ ಸಂದರ್ಭದಲ್ಲಿ ಪಟ್ಟಣ ಪಂಚಾಯಿತಿ ಸದಸ್ಯರು, ದಲಿತ ಸಂಘರ್ಷ ಸಮಿತಿ ಮುಖಂಡರು, ಕೆ.ವಿ.ಪುರುಷೋತ್ತಮ್, ನಾಗರಾಜು, ಶಿವಕುಮಾರ್, ರಂಗನಾಥ್, ಗೋಪಾಲ್, ರಾಮಕೃಷ್ಣ, ಮಂಜುನಾಥ್, ನವೀನ್, ರಾಜೇಶ್, ಮಹೇಶ್, ಉಮೇಶ್, ಕುಮಾರ್, ಲಕ್ಷ್ಮಣ್, ನಾಗೇಶ್, ಶಂಕರ್, ವೆಂಕಟೇಶ್ ಸೇರಿದಂತೆ ಇತರರು ಹಾಜರಿದ್ದರು.
ಆ.16 ರೊಳಗೆ ಒಳ ಮೀಸಲಾತಿ ಜಾರಿ ಮಾಡಿ
ತುರುವೇಕೆರೆ: ನಿವೃತ್ತ ನ್ಯಾಯಮೂರ್ತಿ ನಾಗಮೋಹನ್‌ದಾಸ್ ನೇತೃತ್ವದ ಆಯೋಗ ರಾಜ್ಯ ಸರ್ಕಾರಕ್ಕೆ ವರದಿಯನ್ನು ಸಲ್ಲಿಸಿದ್ದು, ಈ ವರದಿಯನ್ನು ಆಗಸ್ಟ್ 16 ರೊಳಗಾಗಿ ಜಾರಿಗೊಳಿಸಬೇಕು ಎಂದು ಒತ್ತಾಯಿಸಿ ಮಾದಿಗ ಸಮುದಾಯದ ಮುಖಂಡರು ತಹಶೀಲ್ದಾರ್ ಅವರಿಗೆ ಮನವಿ ಸಲ್ಲಿಸಿದರು. ಒಳ ಮೀಸಲಾತಿ ಜಾರಿಗಾಗಿ ಕಳೆದ ಮೂವತ್ತು ವರ್ಷಗಳಿಂದ ನಿರಂತರವಾಗಿ ಹೋರಾಟ ನಡೆಸುತ್ತಿದ್ದೇವೆ. ಸರ್ಕಾರ ಈಗಾಗಲೇ ದತ್ತಾಂಶ ಸಂಗ್ರಹಿಸಿ ವರದಿ ನೀಡಿದೆ. ಸರ್ಕಾರ ಕೂಡಲೇ ಸಚಿವ ಸಂಪುಟ ಸಭೆಯಲ್ಲಿ ಈ ವರದಿಯನ್ನು ಅಂಗೀಕರಿಸಿ ಜಾರಿಗೊಳಿಸಬೇಕು. ಇಲ್ಲವಾದಲ್ಲಿ ರಾಜ್ಯಾದ್ಯಂತ ತೀವ್ರ ಹೋರಾಟ ನಡೆಸಬೇಕಾಗುತ್ತದೆ ಎಂದು ಎಚ್ಚರಿಸಿದರು. ತಾಲ್ಲೂಕು ಪಂಚಾಯಿತಿ ಸ್ಥಾಯಿ ಸಮಿತಿ ಮುಂದೆ ಸೇರಿದ್ದ ಪ್ರತಿಭಟನಾಕಾರರು ಸರ್ಕಾರದ ವಿರುದ್ಧ ಘೋಷಣೆ ಕೂಗಿದರು. ಮಾದಿಗ ದಂಡೋರ ಹೋರಾಟ ಸಮಿತಿ, ದಲಿತ ಸಂಘರ್ಷ ಸಮಿತಿಯ ಮುಖಂಡರು ಸರ್ಕಾರಕ್ಕೆ ಮನವಿ ಸಲ್ಲಿಸಿದರು. ಈ ಸಂದರ್ಭದಲ್ಲಿ ದಲಿತ ಸಂಘರ್ಷ ಸಮಿತಿ ತಾಲ್ಲೂಕು ಸಂಚಾಲಕ ಕುಮಾರ್, ಮುಖಂಡರಾದ ನಾಗರಾಜು, ರಂಗಸ್ವಾಮಿ, ಮಂಜುನಾಥ್, ಕೃಷ್ಣಪ್ಪ, ಗಂಗಾಧರ್, ಶಿವಣ್ಣ, ಗೋವಿಂದರಾಜು, ಲಕ್ಷ್ಮಯ್ಯ, ಹನುಮಂತಯ್ಯ, ಕೆಂಪರಾಜು, ಮಹದೇವ, ಕೋಟೆ ಕೃಷ್ಣ, ಜಯರಾಮ್ ಸೇರಿದಂತೆ ಹಲವರು ಹಾಜರಿದ್ದರು. ಪ್ರತಿಭಟನೆಯ ನಂತರ ತಹಶೀಲ್ದಾರ್ ಅವರ ಮೂಲಕ ಮುಖ್ಯಮಂತ್ರಿಗಳಿಗೆ ಮನವಿ ಪತ್ರ ಸಲ್ಲಿಸಲಾಯಿತು.
ನಿವೃತ್ತ ನ್ಯಾಯಮೂರ್ತಿ ನಾಗಮೋಹನ್‌ದಾಸ್ ನೇತೃತ್ವದ ಆಯೋಗ ರಾಜ್ಯ ಸರ್ಕಾರಕ್ಕೆ ವರದಿಯನ್ನು ಸಲ್ಲಿಸಿದ್ದು, ಈ ವರದಿಯನ್ನು ಆಗಸ್ಟ್ 16 ರೊಳಗಾಗಿ ಜಾರಿಗೊಳಿಸಬೇಕು ಎಂದು ಒತ್ತಾಯಿಸಿ ಮಾದಿಗ ಸಮುದಾಯದ ಮುಖಂಡರು ತಹಶೀಲ್ದಾರ್ ಅವರಿಗೆ ಮನವಿ ಸಲ್ಲಿಸಿದರು. ಒಳ ಮೀಸಲಾತಿ ಜಾರಿಗಾಗಿ ಕಳೆದ ಮೂವತ್ತು ವರ್ಷಗಳಿಂದ ನಿರಂತರವಾಗಿ ಹೋರಾಟ ನಡೆಸುತ್ತಿದ್ದೇವೆ. ಸರ್ಕಾರ ಈಗಾಗಲೇ ದತ್ತಾಂಶ ಸಂಗ್ರಹಿಸಿ ವರದಿ ನೀಡಿದೆ. ಸರ್ಕಾರ ಕೂಡಲೇ ಸಚಿವ ಸಂಪುಟ ಸಭೆಯಲ್ಲಿ ಈ ವರದಿಯನ್ನು ಅಂಗೀಕರಿಸಿ ಜಾರಿಗೊಳಿಸಬೇಕು. ಇಲ್ಲವಾದಲ್ಲಿ ರಾಜ್ಯಾದ್ಯಂತ ತೀವ್ರ ಹೋರಾಟ ನಡೆಸಬೇಕಾಗುತ್ತದೆ ಎಂದು ಎಚ್ಚರಿಸಿದರು. ತಾಲ್ಲೂಕು ಪಂಚಾಯಿತಿ ಸ್ಥಾಯಿ ಸಮಿತಿ ಮುಂದೆ ಸೇರಿದ್ದ ಪ್ರತಿಭಟನಾಕಾರರು ಸರ್ಕಾರದ ವಿರುದ್ಧ ಘೋಷಣೆ ಕೂಗಿದರು. ಮಾದಿಗ ದಂಡೋರ ಹೋರಾಟ ಸಮಿತಿ, ದಲಿತ ಸಂಘರ್ಷ ಸಮಿತಿಯ ಮುಖಂಡರು ಸರ್ಕಾರಕ್ಕೆ ಮನವಿ ಸಲ್ಲಿಸಿದರು. ಈ ಸಂದರ್ಭದಲ್ಲಿ ದಲಿತ ಸಂಘರ್ಷ ಸಮಿತಿ ತಾಲ್ಲೂಕು ಸಂಚಾಲಕ ಕುಮಾರ್, ಮುಖಂಡರಾದ ನಾಗರಾಜು, ರಂಗಸ್ವಾಮಿ, ಮಂಜುನಾಥ್, ಕೃಷ್ಣಪ್ಪ, ಗಂಗಾಧರ್, ಶಿವಣ್ಣ, ಗೋವಿಂದರಾಜು, ಲಕ್ಷ್ಮಯ್ಯ, ಹನುಮಂತಯ್ಯ, ಕೆಂಪರಾಜು, ಮಹದೇವ, ಕೋಟೆ ಕೃಷ್ಣ, ಜಯರಾಮ್ ಸೇರಿದಂತೆ ಹಲವರು ಹಾಜರಿದ್ದರು. ಪ್ರತಿಭಟನೆಯ ನಂತರ ತಹಶೀಲ್ದಾರ್ ಅವರ ಮೂಲಕ ಮುಖ್ಯಮಂತ್ರಿಗಳಿಗೆ ಮನವಿ ಪತ್ರ ಸಲ್ಲಿಸಲಾಯಿತು.
ಸ್ವಾತಂತ್ರ್ಯ ಬರುವುದಕ್ಕೆ ಹಲವರ ಶ್ರಮವಿದೆ
ಗುಬ್ಬಿ: ಸ್ವಾತಂತ್ರ್ಯ ಬರುವುದಕ್ಕೆ ಹಲವು ಜನರ ಪ್ರಾಣ ತ್ಯಾಗ ಬಲಿದಾನ ಇದೆ. ಅವರೆಲ್ಲರ ಶ್ರಮದ ಫಲವಾಗಿ ನಾವಿಂದು ಸ್ವತಂತ್ರವಾಗಿ ಬದುಕುತ್ತಿದ್ದೇವೆ. ಅವರ ತ್ಯಾಗ ಬಲಿದಾನಗಳನ್ನು ಸ್ಮರಿಸಬೇಕು ಎಂದು ಪಟ್ಟಣ ಪಂಚಾಯಿತಿ ಅಧ್ಯಕ್ಷರು ಹೇಳಿದರು. ಪಟ್ಟಣದ ಸರ್ಕಾರಿ ಪದವಿಪೂರ್ವ ಕಾಲೇಜಿನಲ್ಲಿ ಹಮ್ಮಿಕೊಂಡಿದ್ದ 78ನೇ ಸ್ವಾತಂತ್ರ್ಯ ದಿನಾಚರಣೆ ಕಾರ್ಯಕ್ರಮದಲ್ಲಿ ಮಾತನಾಡಿದ ಅವರು, ದೇಶದ ಏಕತೆ ಮತ್ತು ಸಮಗ್ರತೆಯನ್ನು ಕಾಪಾಡಬೇಕು. ವಿದ್ಯಾರ್ಥಿಗಳು ದೇಶಭಕ್ತಿ ಬೆಳೆಸಿಕೊಳ್ಳಬೇಕು ಎಂದರು. ಪ್ರಾಂಶುಪಾಲರು ಮಾತನಾಡಿ ಯುವ ಪೀಳಿಗೆ ಸ್ವಾತಂತ್ರ್ಯ ಹೋರಾಟಗಾರರ ಜೀವನ ಚರಿತ್ರೆಯನ್ನು ಅರಿಯಬೇಕು. ಇದೇ ಸಂದರ್ಭದಲ್ಲಿ ವಿದ್ಯಾರ್ಥಿಗಳಿಗೆ ಬಹುಮಾನ ವಿತರಿಸಲಾಯಿತು. ಸಿಡಿಪಿಒ, ಕೃಷ್ಣಮೂರ್ತಿ, ಉಪನ್ಯಾಸಕರು, ಸಿಬ್ಬಂದಿ ಹಾಗೂ ವಿದ್ಯಾರ್ಥಿಗಳು ಹಾಜರಿದ್ದರು.
